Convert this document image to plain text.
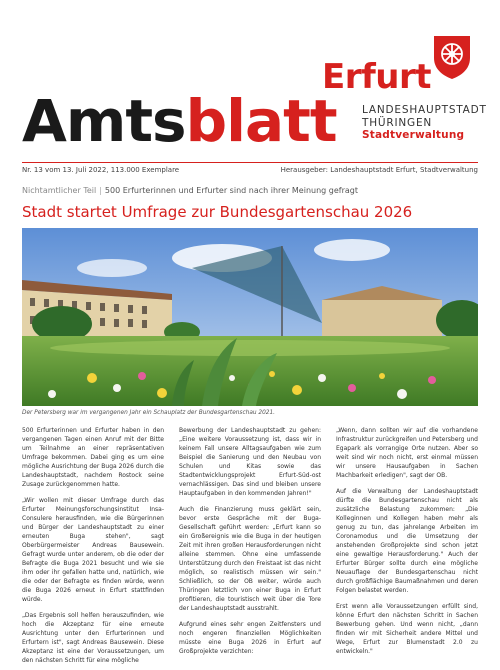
Amtsblatt
Erfurt
LANDESHAUPTSTADT
THÜRINGEN
Stadtverwaltung
Nr. 13 vom 13. Juli 2022, 113.000 Exemplare	Herausgeber: Landeshauptstadt Erfurt, Stadtverwaltung
Nichtamtlicher Teil | 500 Erfurterinnen und Erfurter sind nach ihrer Meinung gefragt
Stadt startet Umfrage zur Bundesgartenschau 2026
Der Petersberg war im vergangenen Jahr ein Schauplatz der Bundesgartenschau 2021.

500 Erfurterinnen und Erfurter haben in den vergangenen Tagen einen Anruf mit der Bitte um Teilnahme an einer repräsentativen Umfrage bekommen. Dabei ging es um eine mögliche Ausrichtung der Buga 2026 durch die Landeshauptstadt, nachdem Rostock seine Zusage zurückgenommen hatte.

„Wir wollen mit dieser Umfrage durch das Erfurter Meinungsforschungsinstitut Insa-Consulere herausfinden, wie die Bürgerinnen und Bürger der Landeshauptstadt zu einer erneuten Buga stehen", sagt Oberbürgermeister Andreas Bausewein. Gefragt wurde unter anderem, ob die oder der Befragte die Buga 2021 besucht und wie sie ihm oder ihr gefallen hatte und, natürlich, wie die oder der Befragte es finden würde, wenn die Buga 2026 erneut in Erfurt stattfinden würde.

„Das Ergebnis soll helfen herauszufinden, wie hoch die Akzeptanz für eine erneute Ausrichtung unter den Erfurterinnen und Erfurtern ist", sagt Andreas Bausewein. Diese Akzeptanz ist eine der Voraussetzungen, um den nächsten Schritt für eine mögliche

Bewerbung der Landeshauptstadt zu gehen: „Eine weitere Voraussetzung ist, dass wir in keinem Fall unsere Alltagsaufgaben wie zum Beispiel die Sanierung und den Neubau von Schulen und Kitas sowie das Stadtentwicklungsprojekt Erfurt-Süd-ost vernachlässigen. Das sind und bleiben unsere Hauptaufgaben in den kommenden Jahren!"

Auch die Finanzierung muss geklärt sein, bevor erste Gespräche mit der Buga-Gesellschaft geführt werden: „Erfurt kann so ein Großereignis wie die Buga in der heutigen Zeit mit ihren großen Herausforderungen nicht alleine stemmen. Ohne eine umfassende Unterstützung durch den Freistaat ist das nicht möglich, so realistisch müssen wir sein." Schließlich, so der OB weiter, würde auch Thüringen letztlich von einer Buga in Erfurt profitieren, die touristisch weit über die Tore der Landeshauptstadt ausstrahlt.

Aufgrund eines sehr engen Zeitfensters und noch engeren finanziellen Möglichkeiten müsste eine Buga 2026 in Erfurt auf Großprojekte verzichten:

„Wenn, dann sollten wir auf die vorhandene Infrastruktur zurückgreifen und Petersberg und Egapark als vorrangige Orte nutzen. Aber so weit sind wir noch nicht, erst einmal müssen wir unsere Hausaufgaben in Sachen Machbarkeit erledigen", sagt der OB.

Auf die Verwaltung der Landeshauptstadt dürfte die Bundesgartenschau nicht als zusätzliche Belastung zukommen: „Die Kolleginnen und Kollegen haben mehr als genug zu tun, das jahrelange Arbeiten im Coronamodus und die Umsetzung der anstehenden Großprojekte sind schon jetzt eine gewaltige Herausforderung." Auch der Erfurter Bürger sollte durch eine mögliche Neuauflage der Bundesgartenschau nicht durch großflächige Baumaßnahmen und deren Folgen belastet werden.

Erst wenn alle Voraussetzungen erfüllt sind, könne Erfurt den nächsten Schritt in Sachen Bewerbung gehen. Und wenn nicht, „dann finden wir mit Sicherheit andere Mittel und Wege, Erfurt zur Blumenstadt 2.0 zu entwickeln."
